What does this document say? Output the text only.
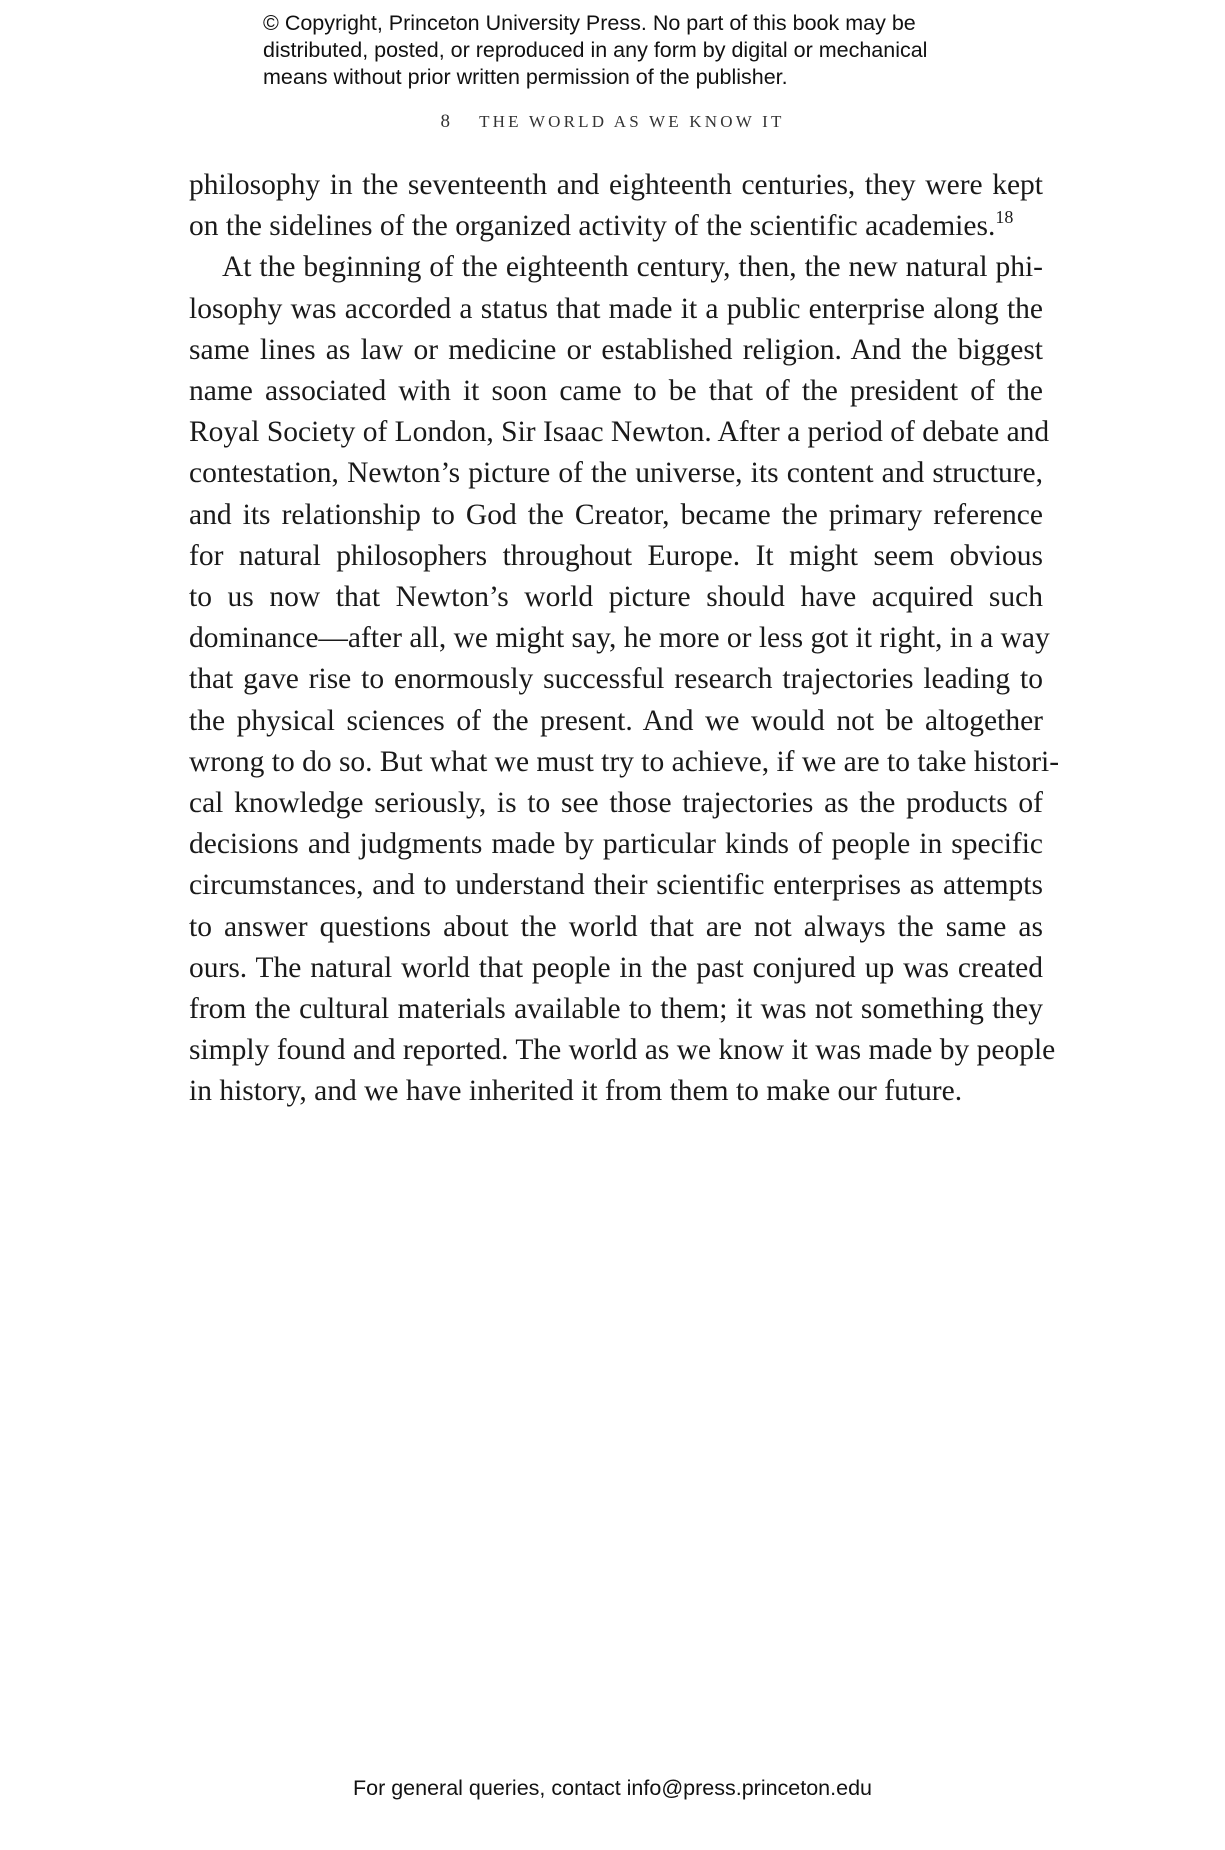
© Copyright, Princeton University Press. No part of this book may be
distributed, posted, or reproduced in any form by digital or mechanical
means without prior written permission of the publisher.
8 THE WORLD AS WE KNOW IT
philosophy in the seventeenth and eighteenth centuries, they were kept
on the sidelines of the organized activity of the scientific academies.$^{18}$
At the beginning of the eighteenth century, then, the new natural phi-
losophy was accorded a status that made it a public enterprise along the
same lines as law or medicine or established religion. And the biggest
name associated with it soon came to be that of the president of the
Royal Society of London, Sir Isaac Newton. After a period of debate and
contestation, Newton’s picture of the universe, its content and structure,
and its relationship to God the Creator, became the primary reference
for natural philosophers throughout Europe. It might seem obvious
to us now that Newton’s world picture should have acquired such
dominance—after all, we might say, he more or less got it right, in a way
that gave rise to enormously successful research trajectories leading to
the physical sciences of the present. And we would not be altogether
wrong to do so. But what we must try to achieve, if we are to take histori-
cal knowledge seriously, is to see those trajectories as the products of
decisions and judgments made by particular kinds of people in specific
circumstances, and to understand their scientific enterprises as attempts
to answer questions about the world that are not always the same as
ours. The natural world that people in the past conjured up was created
from the cultural materials available to them; it was not something they
simply found and reported. The world as we know it was made by people
in history, and we have inherited it from them to make our future.
For general queries, contact info@press.princeton.edu
